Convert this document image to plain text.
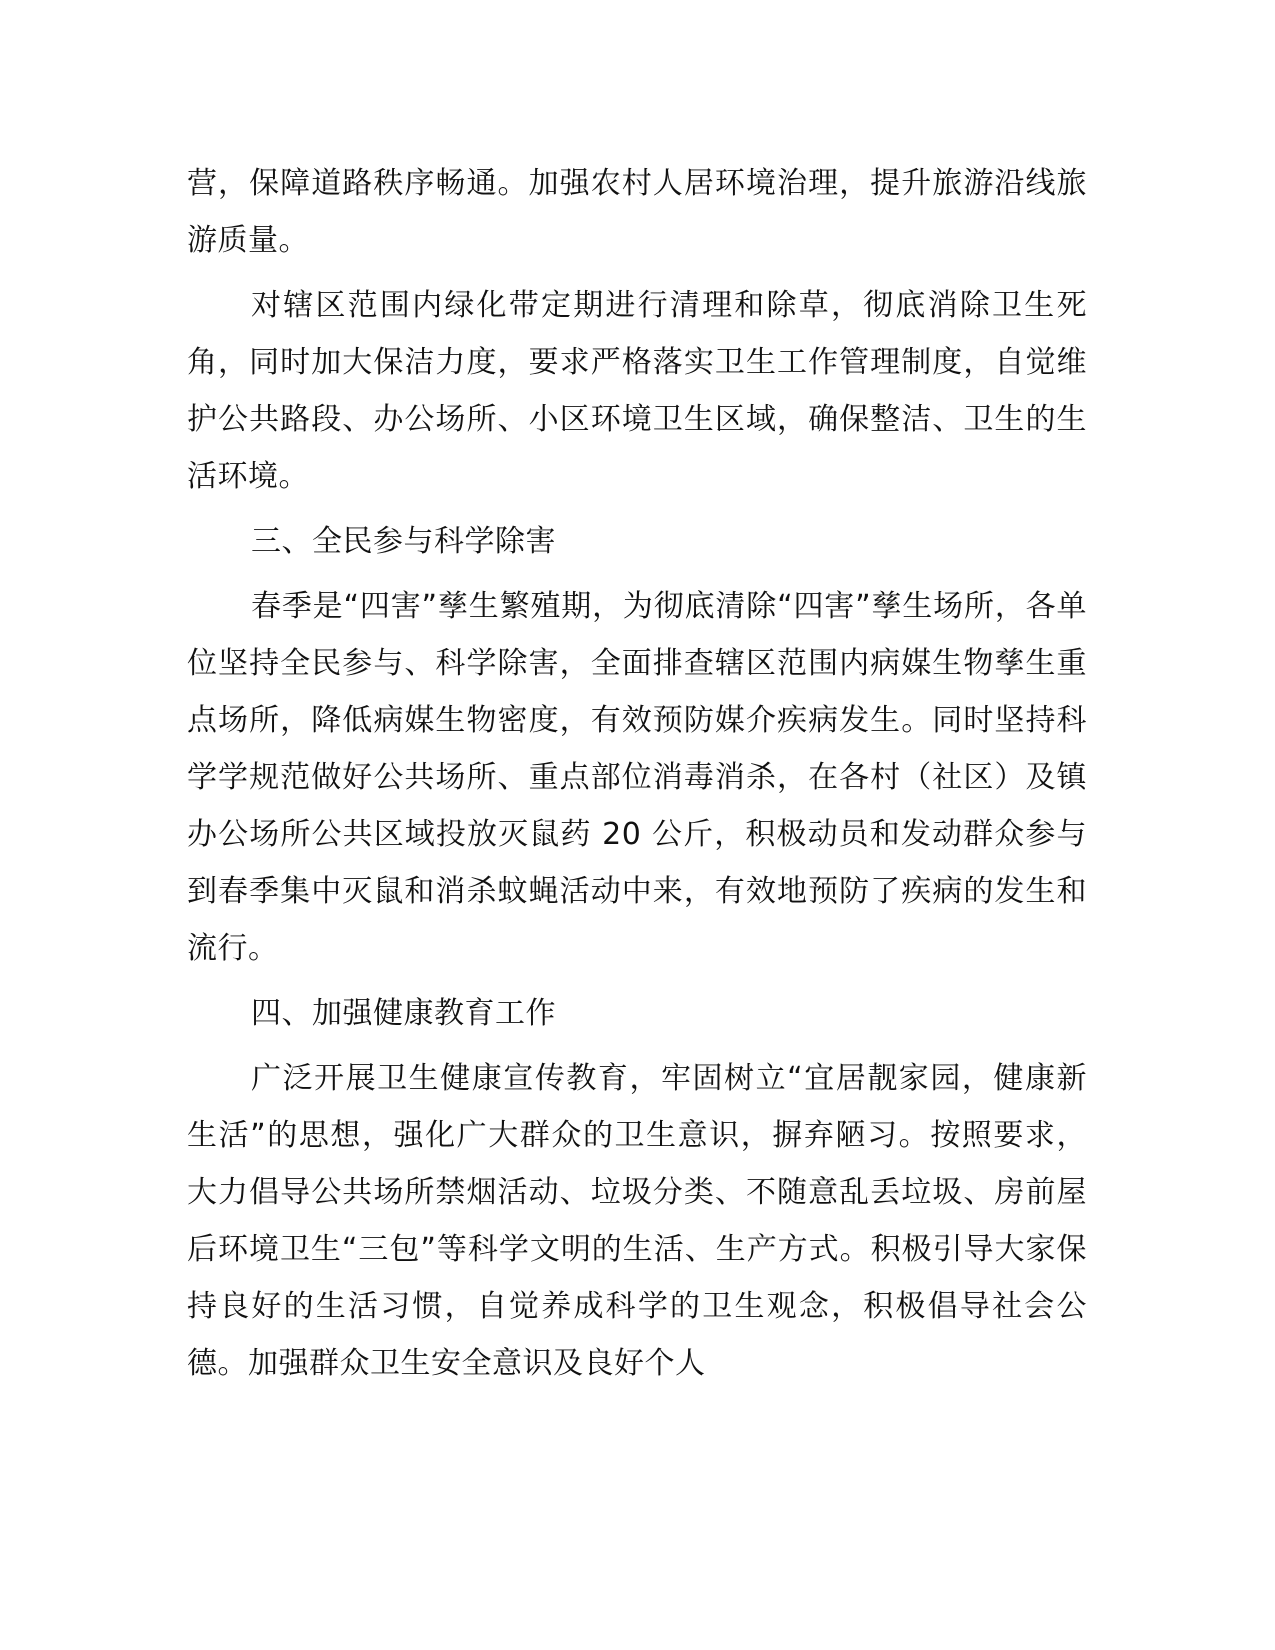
营，保障道路秩序畅通。加强农村人居环境治理，提升旅游沿线旅游质量。

对辖区范围内绿化带定期进行清理和除草，彻底消除卫生死角，同时加大保洁力度，要求严格落实卫生工作管理制度，自觉维护公共路段、办公场所、小区环境卫生区域，确保整洁、卫生的生活环境。

三、全民参与科学除害

春季是“四害”孳生繁殖期，为彻底清除“四害”孳生场所，各单位坚持全民参与、科学除害，全面排查辖区范围内病媒生物孳生重点场所，降低病媒生物密度，有效预防媒介疾病发生。同时坚持科学学规范做好公共场所、重点部位消毒消杀，在各村（社区）及镇办公场所公共区域投放灭鼠药 20 公斤，积极动员和发动群众参与到春季集中灭鼠和消杀蚊蝇活动中来，有效地预防了疾病的发生和流行。

四、加强健康教育工作

广泛开展卫生健康宣传教育，牢固树立“宜居靓家园，健康新生活”的思想，强化广大群众的卫生意识，摒弃陋习。按照要求，大力倡导公共场所禁烟活动、垃圾分类、不随意乱丢垃圾、房前屋后环境卫生“三包”等科学文明的生活、生产方式。积极引导大家保持良好的生活习惯，自觉养成科学的卫生观念，积极倡导社会公德。加强群众卫生安全意识及良好个人
